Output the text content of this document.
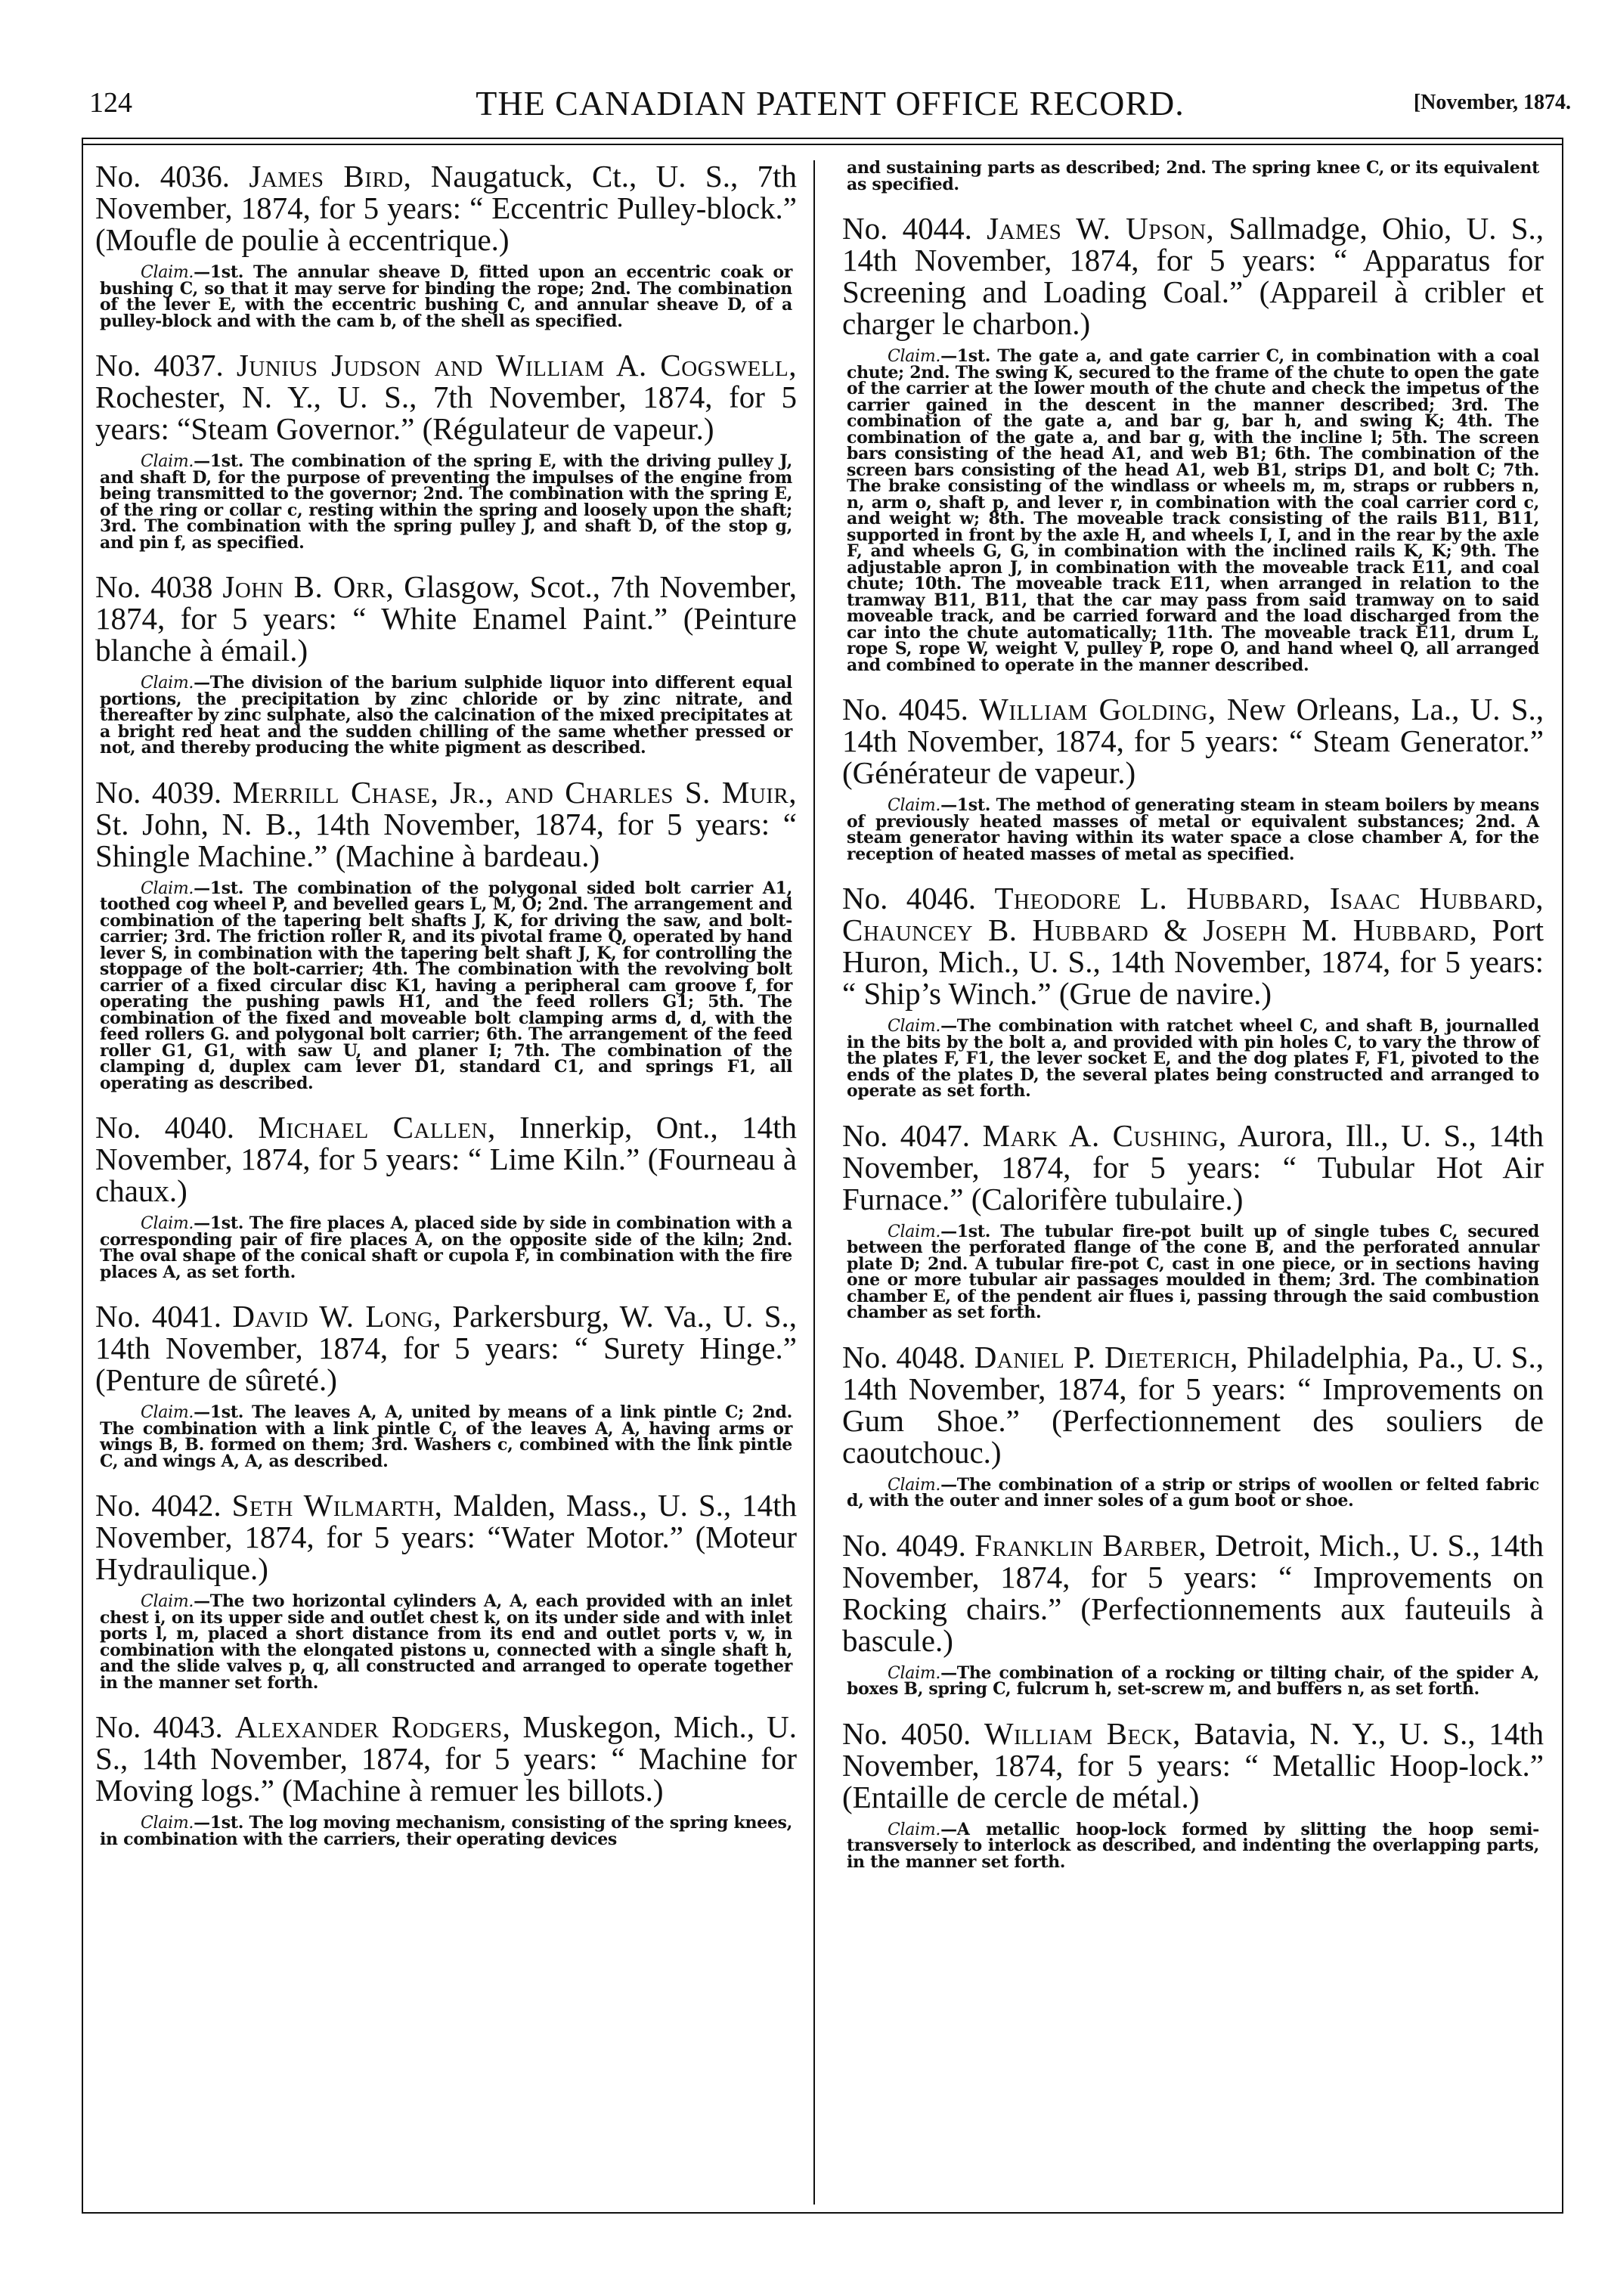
124	THE CANADIAN PATENT OFFICE RECORD.	[November, 1874.

No. 4036. James Bird, Naugatuck, Ct., U. S., 7th November, 1874, for 5 years: “ Eccentric Pulley-block.” (Moufle de poulie à eccentrique.)

Claim.—1st. The annular sheave D, fitted upon an eccentric coak or bushing C, so that it may serve for binding the rope; 2nd. The combination of the lever E, with the eccentric bushing C, and annular sheave D, of a pulley-block and with the cam b, of the shell as specified.

No. 4037. Junius Judson and William A. Cogswell, Rochester, N. Y., U. S., 7th November, 1874, for 5 years: “Steam Governor.” (Régulateur de vapeur.)

Claim.—1st. The combination of the spring E, with the driving pulley J, and shaft D, for the purpose of preventing the impulses of the engine from being transmitted to the governor; 2nd. The combination with the spring E, of the ring or collar c, resting within the spring and loosely upon the shaft; 3rd. The combination with the spring pulley J, and shaft D, of the stop g, and pin f, as specified.

No. 4038 John B. Orr, Glasgow, Scot., 7th November, 1874, for 5 years: “ White Enamel Paint.” (Peinture blanche à émail.)

Claim.—The division of the barium sulphide liquor into different equal portions, the precipitation by zinc chloride or by zinc nitrate, and thereafter by zinc sulphate, also the calcination of the mixed precipitates at a bright red heat and the sudden chilling of the same whether pressed or not, and thereby producing the white pigment as described.

No. 4039. Merrill Chase, Jr., and Charles S. Muir, St. John, N. B., 14th November, 1874, for 5 years: “ Shingle Machine.” (Machine à bardeau.)

Claim.—1st. The combination of the polygonal sided bolt carrier A1, toothed cog wheel P, and bevelled gears L, M, O; 2nd. The arrangement and combination of the tapering belt shafts J, K, for driving the saw, and bolt-carrier; 3rd. The friction roller R, and its pivotal frame Q, operated by hand lever S, in combination with the tapering belt shaft J, K, for controlling the stoppage of the bolt-carrier; 4th. The combination with the revolving bolt carrier of a fixed circular disc K1, having a peripheral cam groove f, for operating the pushing pawls H1, and the feed rollers G1; 5th. The combination of the fixed and moveable bolt clamping arms d, d, with the feed rollers G. and polygonal bolt carrier; 6th. The arrangement of the feed roller G1, G1, with saw U, and planer I; 7th. The combination of the clamping d, duplex cam lever D1, standard C1, and springs F1, all operating as described.

No. 4040. Michael Callen, Innerkip, Ont., 14th November, 1874, for 5 years: “ Lime Kiln.” (Fourneau à chaux.)

Claim.—1st. The fire places A, placed side by side in combination with a corresponding pair of fire places A, on the opposite side of the kiln; 2nd. The oval shape of the conical shaft or cupola F, in combination with the fire places A, as set forth.

No. 4041. David W. Long, Parkersburg, W. Va., U. S., 14th November, 1874, for 5 years: “ Surety Hinge.” (Penture de sûreté.)

Claim.—1st. The leaves A, A, united by means of a link pintle C; 2nd. The combination with a link pintle C, of the leaves A, A, having arms or wings B, B. formed on them; 3rd. Washers c, combined with the link pintle C, and wings A, A, as described.

No. 4042. Seth Wilmarth, Malden, Mass., U. S., 14th November, 1874, for 5 years: “Water Motor.” (Moteur Hydraulique.)

Claim.—The two horizontal cylinders A, A, each provided with an inlet chest i, on its upper side and outlet chest k, on its under side and with inlet ports l, m, placed a short distance from its end and outlet ports v, w, in combination with the elongated pistons u, connected with a single shaft h, and the slide valves p, q, all constructed and arranged to operate together in the manner set forth.

No. 4043. Alexander Rodgers, Muskegon, Mich., U. S., 14th November, 1874, for 5 years: “ Machine for Moving logs.” (Machine à remuer les billots.)

Claim.—1st. The log moving mechanism, consisting of the spring knees, in combination with the carriers, their operating devices

and sustaining parts as described; 2nd. The spring knee C, or its equivalent as specified.

No. 4044. James W. Upson, Sallmadge, Ohio, U. S., 14th November, 1874, for 5 years: “ Apparatus for Screening and Loading Coal.” (Appareil à cribler et charger le charbon.)

Claim.—1st. The gate a, and gate carrier C, in combination with a coal chute; 2nd. The swing K, secured to the frame of the chute to open the gate of the carrier at the lower mouth of the chute and check the impetus of the carrier gained in the descent in the manner described; 3rd. The combination of the gate a, and bar g, bar h, and swing K; 4th. The combination of the gate a, and bar g, with the incline l; 5th. The screen bars consisting of the head A1, and web B1; 6th. The combination of the screen bars consisting of the head A1, web B1, strips D1, and bolt C; 7th. The brake consisting of the windlass or wheels m, m, straps or rubbers n, n, arm o, shaft p, and lever r, in combination with the coal carrier cord c, and weight w; 8th. The moveable track consisting of the rails B11, B11, supported in front by the axle H, and wheels I, I, and in the rear by the axle F, and wheels G, G, in combination with the inclined rails K, K; 9th. The adjustable apron J, in combination with the moveable track E11, and coal chute; 10th. The moveable track E11, when arranged in relation to the tramway B11, B11, that the car may pass from said tramway on to said moveable track, and be carried forward and the load discharged from the car into the chute automatically; 11th. The moveable track E11, drum L, rope S, rope W, weight V, pulley P, rope O, and hand wheel Q, all arranged and combined to operate in the manner described.

No. 4045. William Golding, New Orleans, La., U. S., 14th November, 1874, for 5 years: “ Steam Generator.” (Générateur de vapeur.)

Claim.—1st. The method of generating steam in steam boilers by means of previously heated masses of metal or equivalent substances; 2nd. A steam generator having within its water space a close chamber A, for the reception of heated masses of metal as specified.

No. 4046. Theodore L. Hubbard, Isaac Hubbard, Chauncey B. Hubbard & Joseph M. Hubbard, Port Huron, Mich., U. S., 14th November, 1874, for 5 years: “ Ship’s Winch.” (Grue de navire.)

Claim.—The combination with ratchet wheel C, and shaft B, journalled in the bits by the bolt a, and provided with pin holes C, to vary the throw of the plates F, F1, the lever socket E, and the dog plates F, F1, pivoted to the ends of the plates D, the several plates being constructed and arranged to operate as set forth.

No. 4047. Mark A. Cushing, Aurora, Ill., U. S., 14th November, 1874, for 5 years: “ Tubular Hot Air Furnace.” (Calorifère tubulaire.)

Claim.—1st. The tubular fire-pot built up of single tubes C, secured between the perforated flange of the cone B, and the perforated annular plate D; 2nd. A tubular fire-pot C, cast in one piece, or in sections having one or more tubular air passages moulded in them; 3rd. The combination chamber E, of the pendent air flues i, passing through the said combustion chamber as set forth.

No. 4048. Daniel P. Dieterich, Philadelphia, Pa., U. S., 14th November, 1874, for 5 years: “ Improvements on Gum Shoe.” (Perfectionnement des souliers de caoutchouc.)

Claim.—The combination of a strip or strips of woollen or felted fabric d, with the outer and inner soles of a gum boot or shoe.

No. 4049. Franklin Barber, Detroit, Mich., U. S., 14th November, 1874, for 5 years: “ Improvements on Rocking chairs.” (Perfectionnements aux fauteuils à bascule.)

Claim.—The combination of a rocking or tilting chair, of the spider A, boxes B, spring C, fulcrum h, set-screw m, and buffers n, as set forth.

No. 4050. William Beck, Batavia, N. Y., U. S., 14th November, 1874, for 5 years: “ Metallic Hoop-lock.” (Entaille de cercle de métal.)

Claim.—A metallic hoop-lock formed by slitting the hoop semi-transversely to interlock as described, and indenting the overlapping parts, in the manner set forth.
